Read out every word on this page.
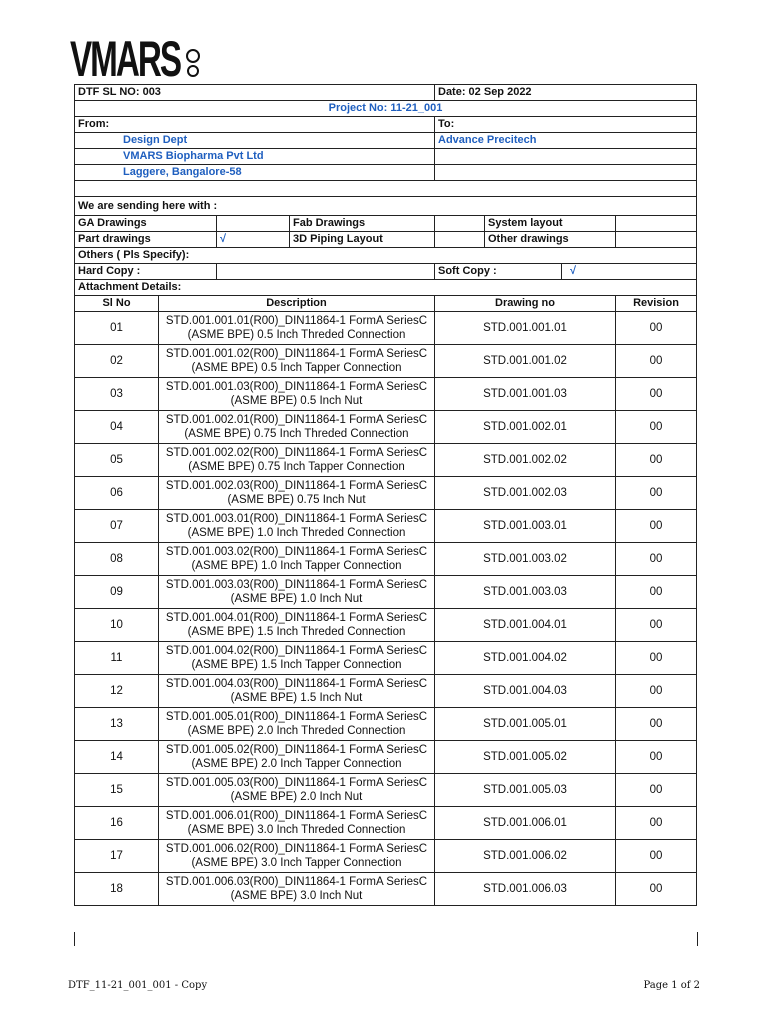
VMARS
DTF SL NO: 003				Date: 02 Sep 2022			
Project No: 11-21_001							
From:				To:			
Design Dept				Advance Precitech			
VMARS Biopharma Pvt Ltd							
Laggere, Bangalore-58							

We are sending here with :							
GA Drawings			Fab Drawings		System layout		
Part drawings		√	3D Piping Layout		Other drawings		
Others ( Pls Specify):							
Hard Copy :				Soft Copy :		√	
Attachment Details:							
Sl No	Description			Drawing no			Revision
01	STD.001.001.01(R00)_DIN11864-1 FormA SeriesC (ASME BPE) 0.5 Inch Threded Connection			STD.001.001.01			00
02	STD.001.001.02(R00)_DIN11864-1 FormA SeriesC (ASME BPE) 0.5 Inch Tapper Connection			STD.001.001.02			00
03	STD.001.001.03(R00)_DIN11864-1 FormA SeriesC (ASME BPE) 0.5 Inch Nut			STD.001.001.03			00
04	STD.001.002.01(R00)_DIN11864-1 FormA SeriesC (ASME BPE) 0.75 Inch Threded Connection			STD.001.002.01			00
05	STD.001.002.02(R00)_DIN11864-1 FormA SeriesC (ASME BPE) 0.75 Inch Tapper Connection			STD.001.002.02			00
06	STD.001.002.03(R00)_DIN11864-1 FormA SeriesC (ASME BPE) 0.75 Inch Nut			STD.001.002.03			00
07	STD.001.003.01(R00)_DIN11864-1 FormA SeriesC (ASME BPE) 1.0 Inch Threded Connection			STD.001.003.01			00
08	STD.001.003.02(R00)_DIN11864-1 FormA SeriesC (ASME BPE) 1.0 Inch Tapper Connection			STD.001.003.02			00
09	STD.001.003.03(R00)_DIN11864-1 FormA SeriesC (ASME BPE) 1.0 Inch Nut			STD.001.003.03			00
10	STD.001.004.01(R00)_DIN11864-1 FormA SeriesC (ASME BPE) 1.5 Inch Threded Connection			STD.001.004.01			00
11	STD.001.004.02(R00)_DIN11864-1 FormA SeriesC (ASME BPE) 1.5 Inch Tapper Connection			STD.001.004.02			00
12	STD.001.004.03(R00)_DIN11864-1 FormA SeriesC (ASME BPE) 1.5 Inch Nut			STD.001.004.03			00
13	STD.001.005.01(R00)_DIN11864-1 FormA SeriesC (ASME BPE) 2.0 Inch Threded Connection			STD.001.005.01			00
14	STD.001.005.02(R00)_DIN11864-1 FormA SeriesC (ASME BPE) 2.0 Inch Tapper Connection			STD.001.005.02			00
15	STD.001.005.03(R00)_DIN11864-1 FormA SeriesC (ASME BPE) 2.0 Inch Nut			STD.001.005.03			00
16	STD.001.006.01(R00)_DIN11864-1 FormA SeriesC (ASME BPE) 3.0 Inch Threded Connection			STD.001.006.01			00
17	STD.001.006.02(R00)_DIN11864-1 FormA SeriesC (ASME BPE) 3.0 Inch Tapper Connection			STD.001.006.02			00
18	STD.001.006.03(R00)_DIN11864-1 FormA SeriesC (ASME BPE) 3.0 Inch Nut			STD.001.006.03			00
DTF_11-21_001_001 - Copy	Page 1 of 2
